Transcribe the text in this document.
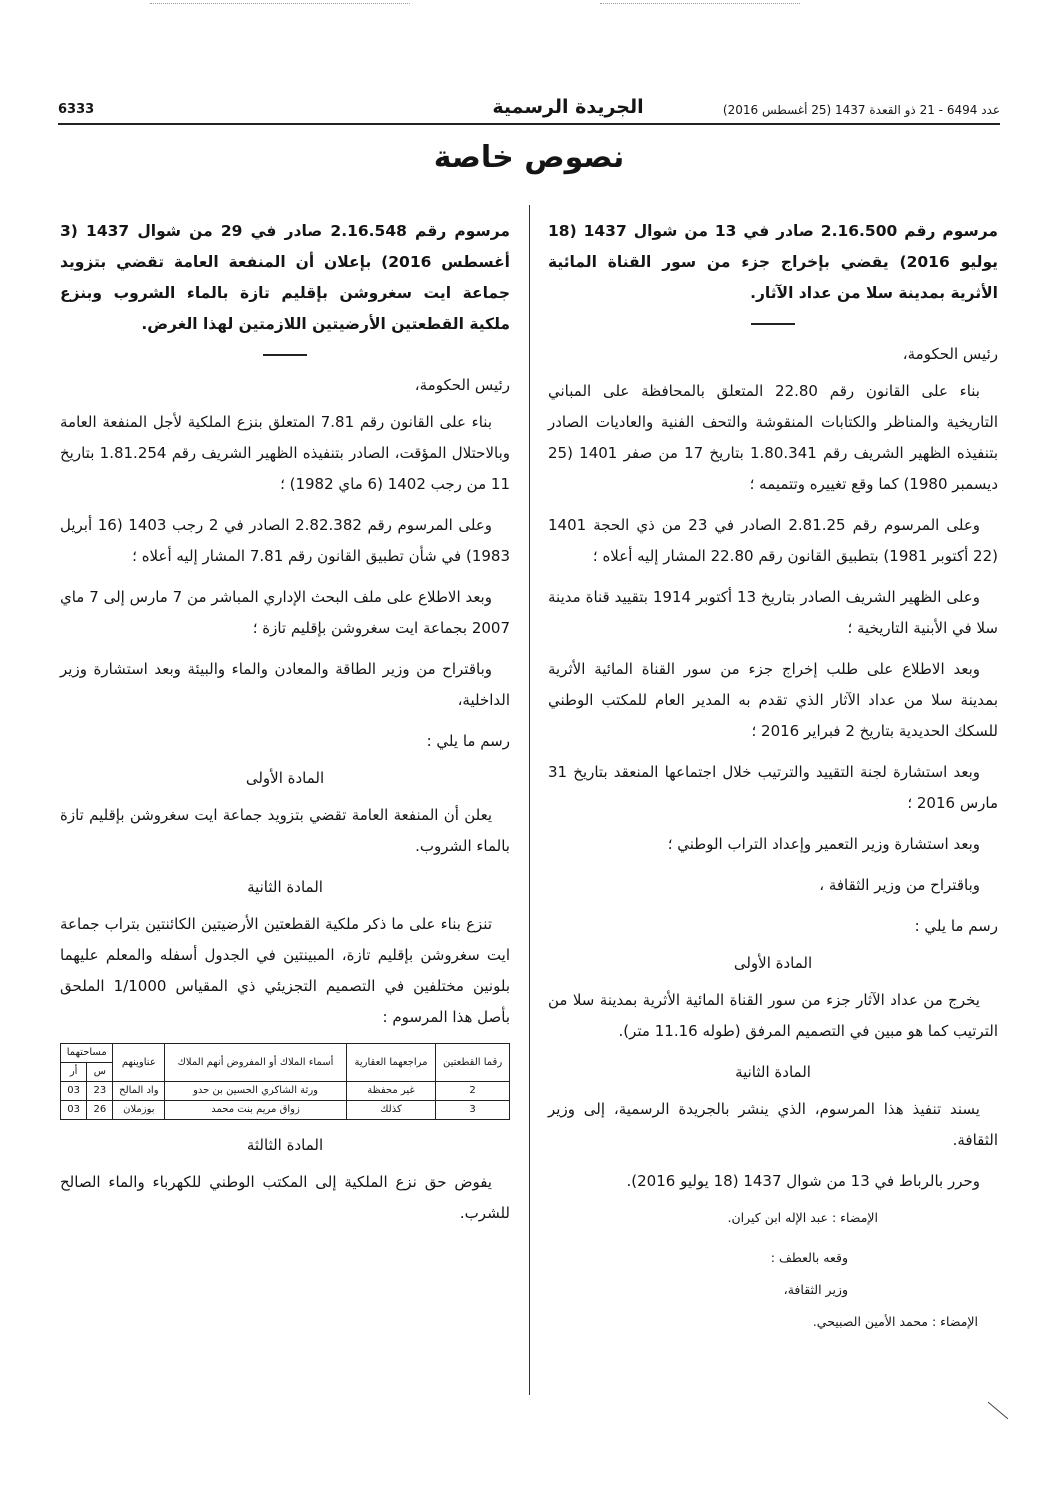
6333	الجريدة الرسمية	عدد 6494 - 21 ذو القعدة 1437 (25 أغسطس 2016)
نصوص خاصة

مرسوم رقم 2.16.500 صادر في 13 من شوال 1437 (18 يوليو 2016) يقضي بإخراج جزء من سور القناة المائية الأثرية بمدينة سلا من عداد الآثار.

رئيس الحكومة،

بناء على القانون رقم 22.80 المتعلق بالمحافظة على المباني التاريخية والمناظر والكتابات المنقوشة والتحف الفنية والعاديات الصادر بتنفيذه الظهير الشريف رقم 1.80.341 بتاريخ 17 من صفر 1401 (25 ديسمبر 1980) كما وقع تغييره وتتميمه ؛

وعلى المرسوم رقم 2.81.25 الصادر في 23 من ذي الحجة 1401 (22 أكتوبر 1981) بتطبيق القانون رقم 22.80 المشار إليه أعلاه ؛

وعلى الظهير الشريف الصادر بتاريخ 13 أكتوبر 1914 بتقييد قناة مدينة سلا في الأبنية التاريخية ؛

وبعد الاطلاع على طلب إخراج جزء من سور القناة المائية الأثرية بمدينة سلا من عداد الآثار الذي تقدم به المدير العام للمكتب الوطني للسكك الحديدية بتاريخ 2 فبراير 2016 ؛

وبعد استشارة لجنة التقييد والترتيب خلال اجتماعها المنعقد بتاريخ 31 مارس 2016 ؛

وبعد استشارة وزير التعمير وإعداد التراب الوطني ؛

وباقتراح من وزير الثقافة ،

رسم ما يلي :

المادة الأولى

يخرج من عداد الآثار جزء من سور القناة المائية الأثرية بمدينة سلا من الترتيب كما هو مبين في التصميم المرفق (طوله 11.16 متر).

المادة الثانية

يسند تنفيذ هذا المرسوم، الذي ينشر بالجريدة الرسمية، إلى وزير الثقافة.

وحرر بالرباط في 13 من شوال 1437 (18 يوليو 2016).

الإمضاء : عبد الإله ابن كيران.

وقعه بالعطف :

وزير الثقافة،

الإمضاء : محمد الأمين الصبيحي.

مرسوم رقم 2.16.548 صادر في 29 من شوال 1437 (3 أغسطس 2016) بإعلان أن المنفعة العامة تقضي بتزويد جماعة ايت سغروشن بإقليم تازة بالماء الشروب وبنزع ملكية القطعتين الأرضيتين اللازمتين لهذا الغرض.

رئيس الحكومة،

بناء على القانون رقم 7.81 المتعلق بنزع الملكية لأجل المنفعة العامة وبالاحتلال المؤقت، الصادر بتنفيذه الظهير الشريف رقم 1.81.254 بتاريخ 11 من رجب 1402 (6 ماي 1982) ؛

وعلى المرسوم رقم 2.82.382 الصادر في 2 رجب 1403 (16 أبريل 1983) في شأن تطبيق القانون رقم 7.81 المشار إليه أعلاه ؛

وبعد الاطلاع على ملف البحث الإداري المباشر من 7 مارس إلى 7 ماي 2007 بجماعة ايت سغروشن بإقليم تازة ؛

وباقتراح من وزير الطاقة والمعادن والماء والبيئة وبعد استشارة وزير الداخلية،

رسم ما يلي :

المادة الأولى

يعلن أن المنفعة العامة تقضي بتزويد جماعة ايت سغروشن بإقليم تازة بالماء الشروب.

المادة الثانية

تنزع بناء على ما ذكر ملكية القطعتين الأرضيتين الكائنتين بتراب جماعة ايت سغروشن بإقليم تازة، المبينتين في الجدول أسفله والمعلم عليهما بلونين مختلفين في التصميم التجزيئي ذي المقياس 1/1000 الملحق بأصل هذا المرسوم :

رقما القطعتين	مراجعهما العقارية	أسماء الملاك أو المفروض أنهم الملاك	عناوينهم	مساحتهما	
				س	أر
2	غير محفظة	ورثة الشاكري الحسين بن حدو	واد المالح	23	03
3	كذلك	زواق مريم بنت محمد	بوزملان	26	03

المادة الثالثة

يفوض حق نزع الملكية إلى المكتب الوطني للكهرباء والماء الصالح للشرب.
